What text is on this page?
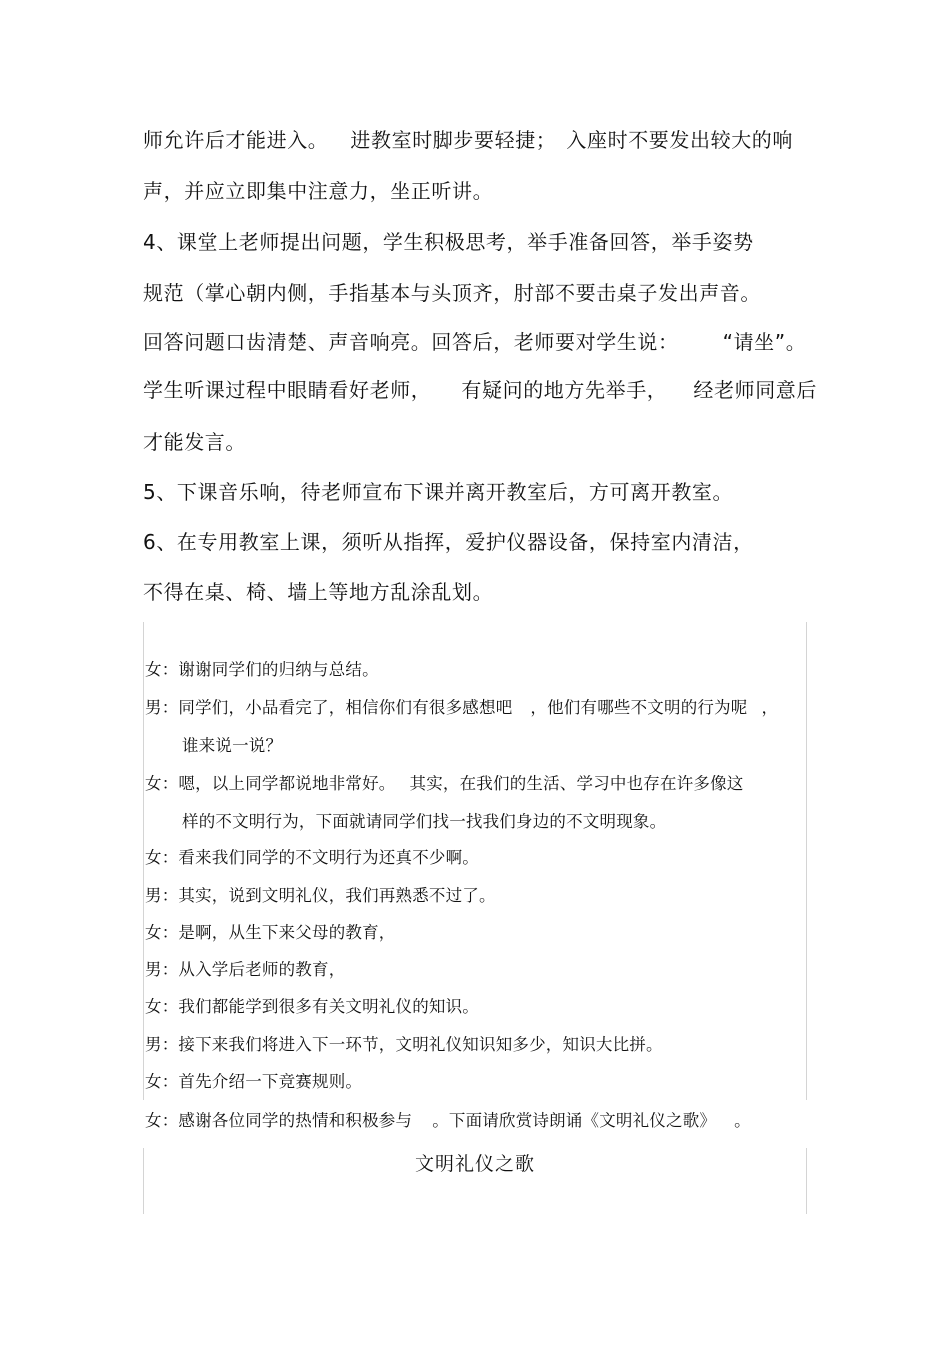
师允许后才能进入。 进教室时脚步要轻捷； 入座时不要发出较大的响
声，并应立即集中注意力，坐正听讲。
4、课堂上老师提出问题，学生积极思考，举手准备回答，举手姿势
规范（掌心朝内侧，手指基本与头顶齐，肘部不要击桌子发出声音。
回答问题口齿清楚、声音响亮。回答后，老师要对学生说： “请坐”。
学生听课过程中眼睛看好老师， 有疑问的地方先举手， 经老师同意后
才能发言。
5、下课音乐响，待老师宣布下课并离开教室后，方可离开教室。
6、在专用教室上课，须听从指挥，爱护仪器设备，保持室内清洁，
不得在桌、椅、墙上等地方乱涂乱划。
女：谢谢同学们的归纳与总结。
男：同学们，小品看完了，相信你们有很多感想吧 ，他们有哪些不文明的行为呢 ，
谁来说一说？
女：嗯，以上同学都说地非常好。 其实，在我们的生活、学习中也存在许多像这
样的不文明行为，下面就请同学们找一找我们身边的不文明现象。
女：看来我们同学的不文明行为还真不少啊。
男：其实，说到文明礼仪，我们再熟悉不过了。
女：是啊，从生下来父母的教育，
男：从入学后老师的教育，
女：我们都能学到很多有关文明礼仪的知识。
男：接下来我们将进入下一环节，文明礼仪知识知多少，知识大比拼。
女：首先介绍一下竞赛规则。
女：感谢各位同学的热情和积极参与 。下面请欣赏诗朗诵《文明礼仪之歌》 。
文明礼仪之歌
